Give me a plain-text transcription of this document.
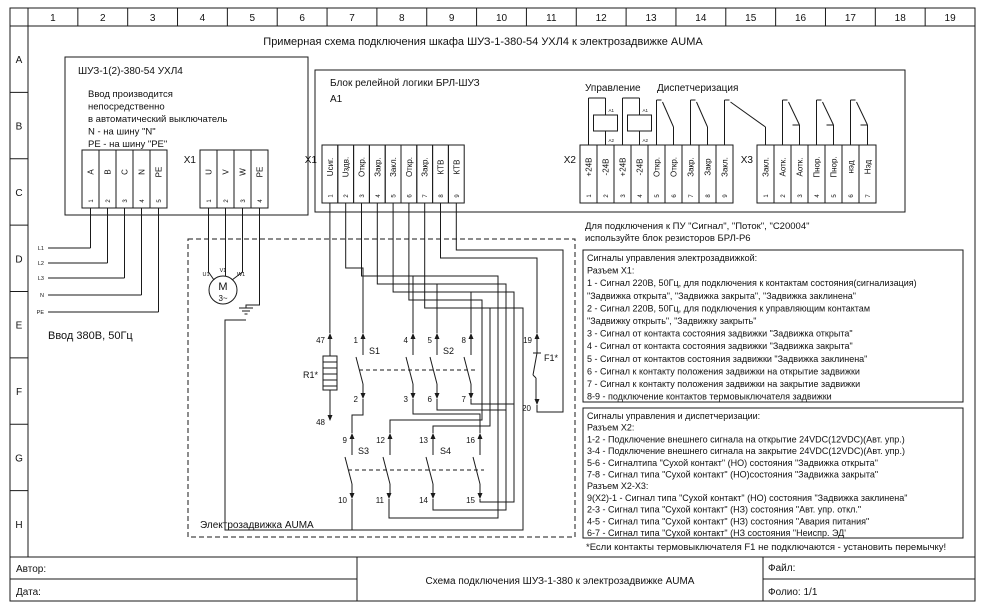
1	2	3	4	5	6	7	8	9	10	11	12	13	14	15	16	17	18	19
A
B
C
D
E
F
G
H
A1
A2
A1
A2
А
1
В
2
С
3
N
4
PE
5
X1
U
1
V
2
W
3
PE
4
X1 Uсиг.
1
Uздв.
2
Откр.
3
Закр.
4
Закл.
5
Откр.
6
Закр.
7
КТВ
8
КТВ
9
X2 +24В
1
-24В
2
+24В
3
-24В
4
Откр.
5
Откр.
6
Закр.
7
Закр
8
Закл.
9
X3 Закл.
1
Аотк.
2
Аотк.
3
Пнор.
4
Пнор.
5
нэд
6
Нэд
7
Примерная схема подключения шкафа ШУЗ-1-380-54 УХЛ4 к электрозадвижке AUMA
ШУЗ-1(2)-380-54 УХЛ4
Блок релейной логики БРЛ-ШУЗ
А1
Управление Диспетчеризация
Ввод 380В, 50Гц
Электрозадвижка AUMA
M
3~
U1
V1
W1
R1*
S1	S2
S3	S4
F1*
*Если контакты термовыключателя F1 не подключаются - установить перемычку!
Автор:
Дата:
Схема подключения ШУЗ-1-380 к электрозадвижке AUMA
Файл:
Фолио: 1/1
L1
L2
L3
N
PE
Ввод производится
непосредственно
в автоматический выключатель
N - на шину "N"
PE - на шину "PE"
Для подключения к ПУ "Сигнал", "Поток", "С20004"
используйте блок резисторов БРЛ-Р6
Сигналы управления электрозадвижкой:
Разъем X1:
1 - Сигнал 220В, 50Гц, для подключения к контактам состояния(сигнализация)
"Задвижка открыта", "Задвижка закрыта", "Задвижка заклинена"
2 - Сигнал 220В, 50Гц, для подключения к управляющим контактам
"Задвижку открыть", "Задвижку закрыть"
3 - Сигнал от контакта состояния задвижки "Задвижка открыта"
4 - Сигнал от контакта состояния задвижки "Задвижка закрыта"
5 - Сигнал от контактов состояния задвижки "Задвижка заклинена"
6 - Сигнал к контакту положения задвижки на открытие задвижки
7 - Сигнал к контакту положения задвижки на закрытие задвижки
8-9 - подключение контактов термовыключателя задвижки
Сигналы управления и диспетчеризации:
Разъем X2:
1-2 - Подключение внешнего сигнала на открытие 24VDC(12VDC)(Авт. упр.)
3-4 - Подключение внешнего сигнала на закрытие 24VDC(12VDC)(Авт. упр.)
5-6 - Сигналтипа "Сухой контакт" (НО) состояния "Задвижка открыта"
7-8 - Сигнал типа "Сухой контакт" (НО)состояния "Задвижка закрыта"
Разъем X2-X3:
9(X2)-1 - Сигнал типа "Сухой контакт" (НО) состояния "Задвижка заклинена"
2-3 - Сигнал типа "Сухой контакт" (НЗ) состояния "Авт. упр. откл."
4-5 - Сигнал типа "Сухой контакт" (НЗ) состояния "Авария питания"
6-7 - Сигнал типа "Сухой контакт" (НЗ состояния "Неиспр. ЭД'
47	1	4 5	8	19
2	3 6	7
48
20
9	12	13	16
10	11	14	15
